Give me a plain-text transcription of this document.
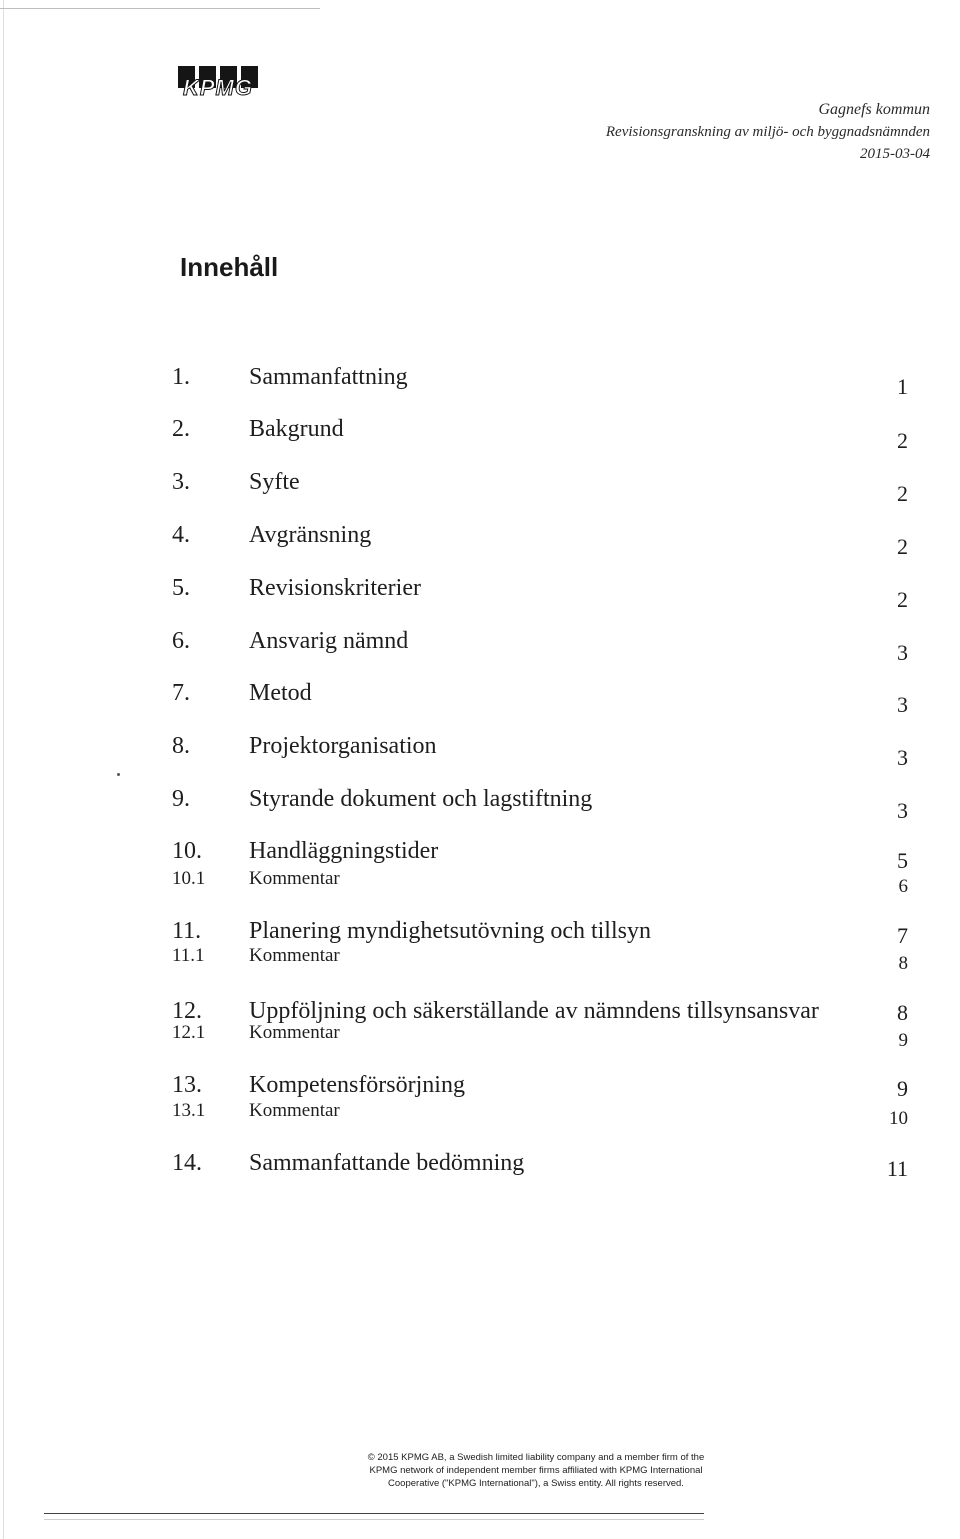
KPMG
Gagnefs kommun
Revisionsgranskning av miljö- och byggnadsnämnden
2015-03-04
Innehåll
1. Sammanfattning	1
2. Bakgrund	2
3. Syfte	2
4. Avgränsning	2
5. Revisionskriterier	2
6. Ansvarig nämnd	3
7. Metod	3
8. Projektorganisation	3
9. Styrande dokument och lagstiftning	3
10. Handläggningstider	5
10.1 Kommentar	6
11. Planering myndighetsutövning och tillsyn	7
11.1 Kommentar	8
12. Uppföljning och säkerställande av nämndens tillsynsansvar	8
12.1 Kommentar	9
13. Kompetensförsörjning	9
13.1 Kommentar	10
14. Sammanfattande bedömning	11
© 2015 KPMG AB, a Swedish limited liability company and a member firm of the
KPMG network of independent member firms affiliated with KPMG International
Cooperative ("KPMG International"), a Swiss entity. All rights reserved.
